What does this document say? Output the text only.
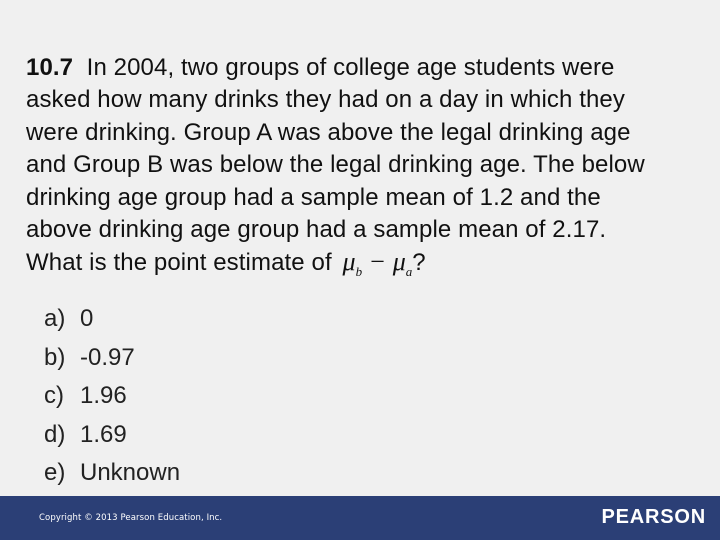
10.7 In 2004, two groups of college age students were
asked how many drinks they had on a day in which they
were drinking. Group A was above the legal drinking age
and Group B was below the legal drinking age. The below
drinking age group had a sample mean of 1.2 and the
above drinking age group had a sample mean of 2.17.
What is the point estimate of $\mu_b - \mu_a$?
a) 0
b) -0.97
c) 1.96
d) 1.69
e) Unknown
Copyright © 2013 Pearson Education, Inc.	PEARSON
